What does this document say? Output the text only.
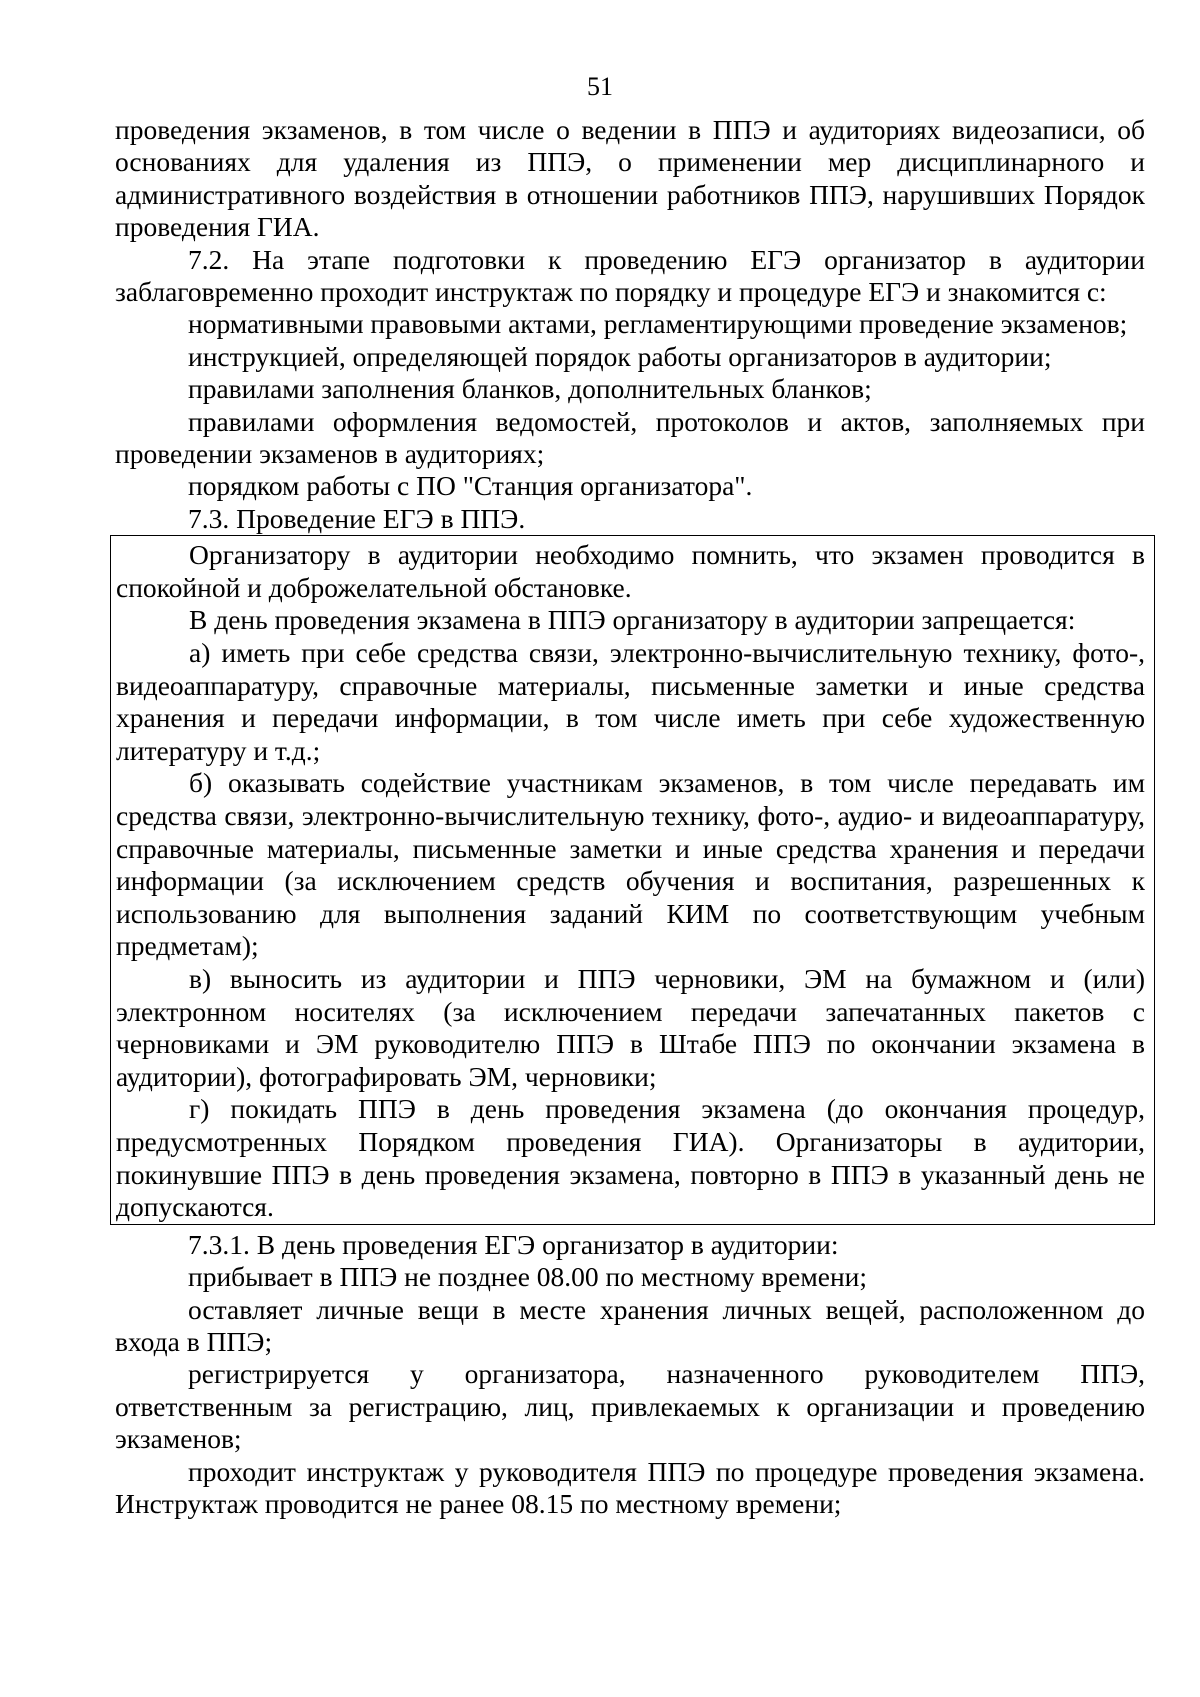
51

проведения экзаменов, в том числе о ведении в ППЭ и аудиториях видеозаписи, об основаниях для удаления из ППЭ, о применении мер дисциплинарного и административного воздействия в отношении работников ППЭ, нарушивших Порядок проведения ГИА.

7.2. На этапе подготовки к проведению ЕГЭ организатор в аудитории заблаговременно проходит инструктаж по порядку и процедуре ЕГЭ и знакомится с:

нормативными правовыми актами, регламентирующими проведение экзаменов;

инструкцией, определяющей порядок работы организаторов в аудитории;

правилами заполнения бланков, дополнительных бланков;

правилами оформления ведомостей, протоколов и актов, заполняемых при проведении экзаменов в аудиториях;

порядком работы с ПО "Станция организатора".

7.3. Проведение ЕГЭ в ППЭ.

Организатору в аудитории необходимо помнить, что экзамен проводится в спокойной и доброжелательной обстановке.

В день проведения экзамена в ППЭ организатору в аудитории запрещается:

а) иметь при себе средства связи, электронно-вычислительную технику, фото-, видеоаппаратуру, справочные материалы, письменные заметки и иные средства хранения и передачи информации, в том числе иметь при себе художественную литературу и т.д.;

б) оказывать содействие участникам экзаменов, в том числе передавать им средства связи, электронно-вычислительную технику, фото-, аудио- и видеоаппаратуру, справочные материалы, письменные заметки и иные средства хранения и передачи информации (за исключением средств обучения и воспитания, разрешенных к использованию для выполнения заданий КИМ по соответствующим учебным предметам);

в) выносить из аудитории и ППЭ черновики, ЭМ на бумажном и (или) электронном носителях (за исключением передачи запечатанных пакетов с черновиками и ЭМ руководителю ППЭ в Штабе ППЭ по окончании экзамена в аудитории), фотографировать ЭМ, черновики;

г) покидать ППЭ в день проведения экзамена (до окончания процедур, предусмотренных Порядком проведения ГИА). Организаторы в аудитории, покинувшие ППЭ в день проведения экзамена, повторно в ППЭ в указанный день не допускаются.

7.3.1. В день проведения ЕГЭ организатор в аудитории:

прибывает в ППЭ не позднее 08.00 по местному времени;

оставляет личные вещи в месте хранения личных вещей, расположенном до входа в ППЭ;

регистрируется у организатора, назначенного руководителем ППЭ, ответственным за регистрацию, лиц, привлекаемых к организации и проведению экзаменов;

проходит инструктаж у руководителя ППЭ по процедуре проведения экзамена. Инструктаж проводится не ранее 08.15 по местному времени;
